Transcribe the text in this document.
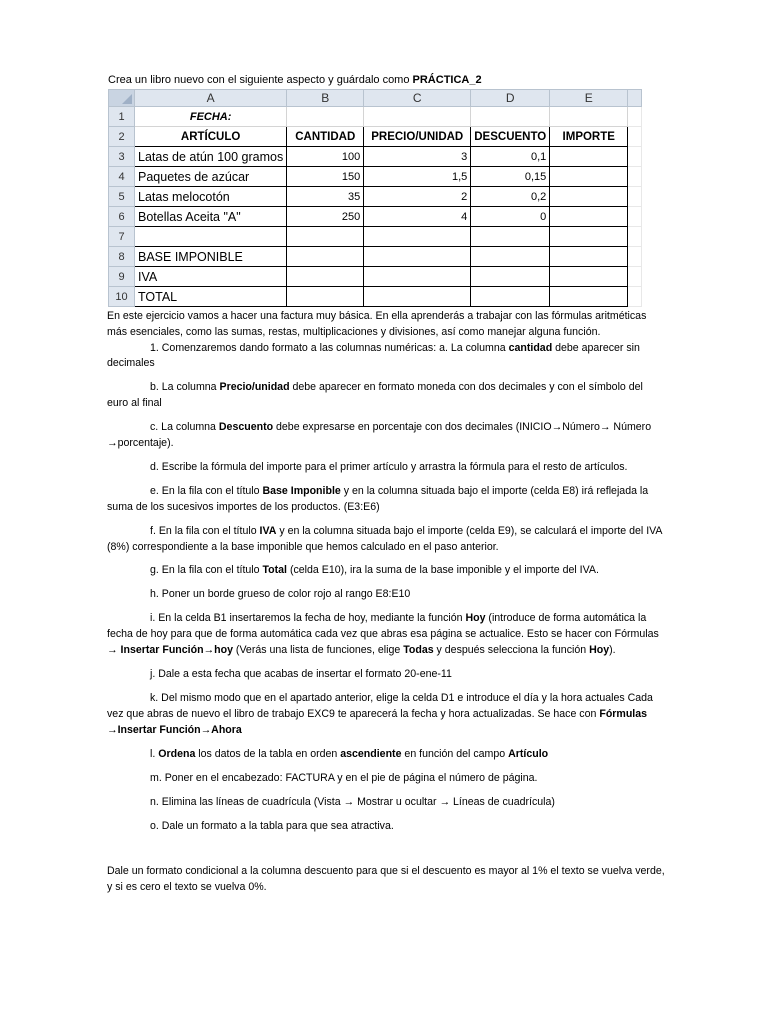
Crea un libro nuevo con el siguiente aspecto y guárdalo como PRÁCTICA_2
	A	B	C	D	E	
1	FECHA:					
2	ARTÍCULO	CANTIDAD	PRECIO/UNIDAD	DESCUENTO	IMPORTE	
3	Latas de atún 100 gramos	100	3	0,1		
4	Paquetes de azúcar	150	1,5	0,15		
5	Latas melocotón	35	2	0,2		
6	Botellas Aceita "A"	250	4	0		
7						
8	BASE IMPONIBLE					
9	IVA					
10	TOTAL					

En este ejercicio vamos a hacer una factura muy básica. En ella aprenderás a trabajar con las fórmulas aritméticas más esenciales, como las sumas, restas, multiplicaciones y divisiones, así como manejar alguna función.

1. Comenzaremos dando formato a las columnas numéricas: a. La columna cantidad debe aparecer sin decimales

b. La columna Precio/unidad debe aparecer en formato moneda con dos decimales y con el símbolo del euro al final

c. La columna Descuento debe expresarse en porcentaje con dos decimales (INICIO→Número→ Número →porcentaje).

d. Escribe la fórmula del importe para el primer artículo y arrastra la fórmula para el resto de artículos.

e. En la fila con el título Base Imponible y en la columna situada bajo el importe (celda E8) irá reflejada la suma de los sucesivos importes de los productos. (E3:E6)

f. En la fila con el título IVA y en la columna situada bajo el importe (celda E9), se calculará el importe del IVA (8%) correspondiente a la base imponible que hemos calculado en el paso anterior.

g. En la fila con el título Total (celda E10), ira la suma de la base imponible y el importe del IVA.

h. Poner un borde grueso de color rojo al rango E8:E10

i. En la celda B1 insertaremos la fecha de hoy, mediante la función Hoy (introduce de forma automática la fecha de hoy para que de forma automática cada vez que abras esa página se actualice. Esto se hacer con Fórmulas → Insertar Función→hoy (Verás una lista de funciones, elige Todas y después selecciona la función Hoy).

j. Dale a esta fecha que acabas de insertar el formato 20-ene-11

k. Del mismo modo que en el apartado anterior, elige la celda D1 e introduce el día y la hora actuales Cada vez que abras de nuevo el libro de trabajo EXC9 te aparecerá la fecha y hora actualizadas. Se hace con Fórmulas →Insertar Función→Ahora

l. Ordena los datos de la tabla en orden ascendiente en función del campo Artículo

m. Poner en el encabezado: FACTURA y en el pie de página el número de página.

n. Elimina las líneas de cuadrícula (Vista → Mostrar u ocultar → Líneas de cuadrícula)

o. Dale un formato a la tabla para que sea atractiva.

Dale un formato condicional a la columna descuento para que si el descuento es mayor al 1% el texto se vuelva verde, y si es cero el texto se vuelva 0%.
